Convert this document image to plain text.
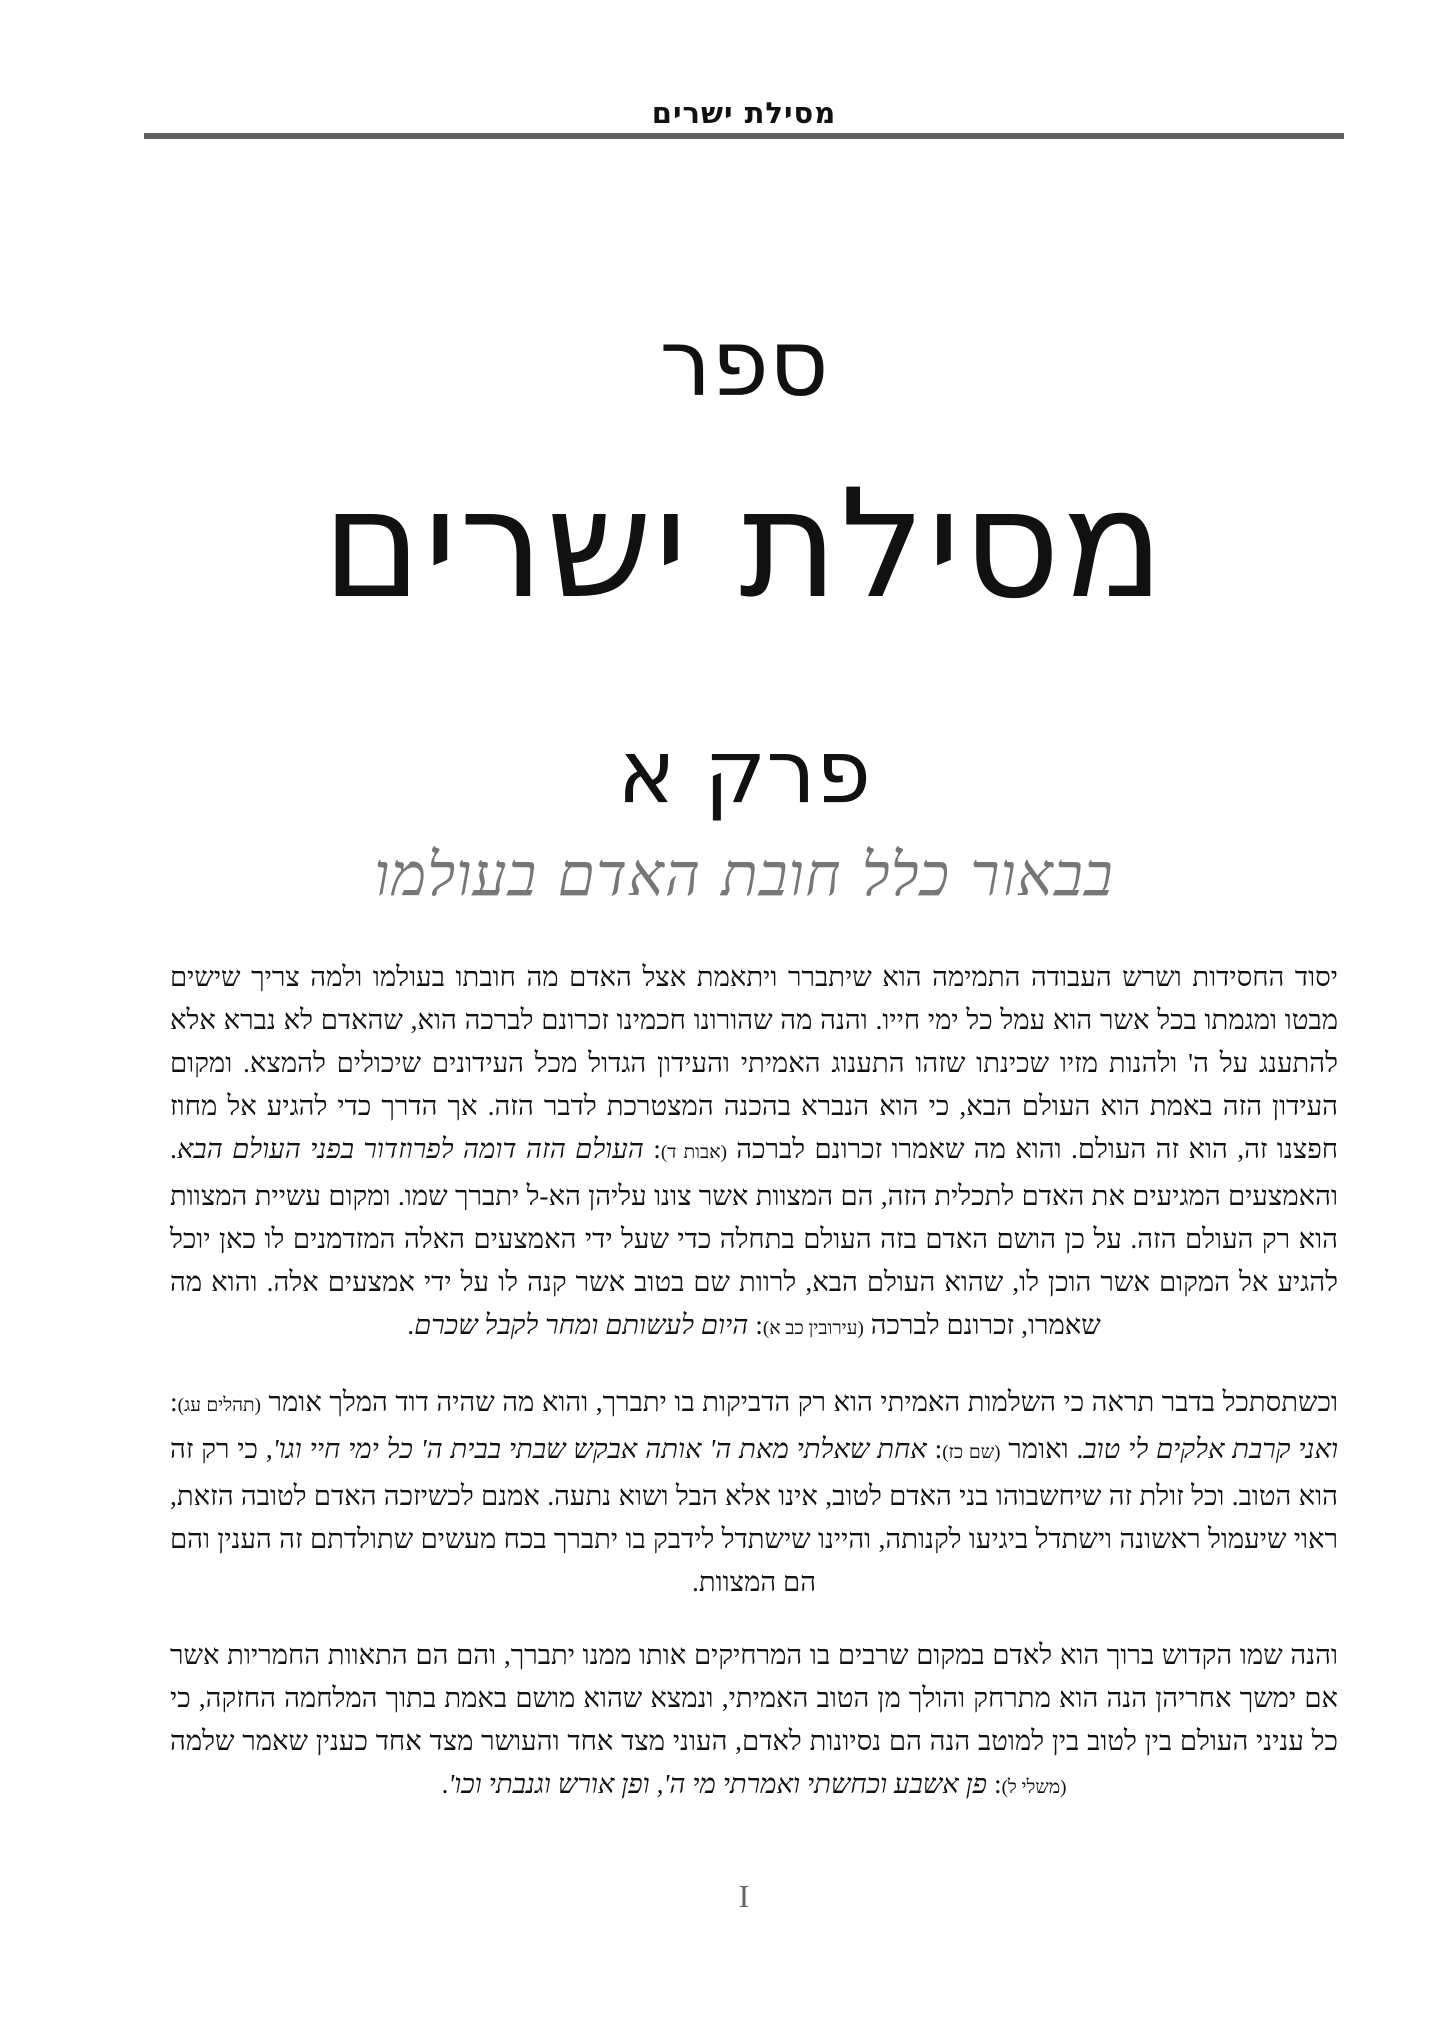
מסילת ישרים
ספר
מסילת ישרים
פרק א
בבאור כלל חובת האדם בעולמו

יסוד החסידות ושרש העבודה התמימה הוא שיתברר ויתאמת אצל האדם מה חובתו בעולמו ולמה צריך שישים מבטו ומגמתו בכל אשר הוא עמל כל ימי חייו. והנה מה שהורונו חכמינו זכרונם לברכה הוא, שהאדם לא נברא אלא להתענג על ה' ולהנות מזיו שכינתו שזהו התענוג האמיתי והעידון הגדול מכל העידונים שיכולים להמצא. ומקום העידון הזה באמת הוא העולם הבא, כי הוא הנברא בהכנה המצטרכת לדבר הזה. אך הדרך כדי להגיע אל מחוז חפצנו זה, הוא זה העולם. והוא מה שאמרו זכרונם לברכה (אבות ד): העולם הזה דומה לפרוזדור בפני העולם הבא. והאמצעים המגיעים את האדם לתכלית הזה, הם המצוות אשר צונו עליהן הא-ל יתברך שמו. ומקום עשיית המצוות הוא רק העולם הזה. על כן הושם האדם בזה העולם בתחלה כדי שעל ידי האמצעים האלה המזדמנים לו כאן יוכל להגיע אל המקום אשר הוכן לו, שהוא העולם הבא, לרוות שם בטוב אשר קנה לו על ידי אמצעים אלה. והוא מה שאמרו, זכרונם לברכה (עירובין כב א): היום לעשותם ומחר לקבל שכרם.

וכשתסתכל בדבר תראה כי השלמות האמיתי הוא רק הדביקות בו יתברך, והוא מה שהיה דוד המלך אומר (תהלים עג): ואני קרבת אלקים לי טוב. ואומר (שם כז): אחת שאלתי מאת ה' אותה אבקש שבתי בבית ה' כל ימי חיי וגו', כי רק זה הוא הטוב. וכל זולת זה שיחשבוהו בני האדם לטוב, אינו אלא הבל ושוא נתעה. אמנם לכשיזכה האדם לטובה הזאת, ראוי שיעמול ראשונה וישתדל ביגיעו לקנותה, והיינו שישתדל לידבק בו יתברך בכח מעשים שתולדתם זה הענין והם הם המצוות.

והנה שמו הקדוש ברוך הוא לאדם במקום שרבים בו המרחיקים אותו ממנו יתברך, והם הם התאוות החמריות אשר אם ימשך אחריהן הנה הוא מתרחק והולך מן הטוב האמיתי, ונמצא שהוא מושם באמת בתוך המלחמה החזקה, כי כל עניני העולם בין לטוב בין למוטב הנה הם נסיונות לאדם, העוני מצד אחד והעושר מצד אחד כענין שאמר שלמה (משלי ל): פן אשבע וכחשתי ואמרתי מי ה', ופן אורש וגנבתי וכו'.

I
